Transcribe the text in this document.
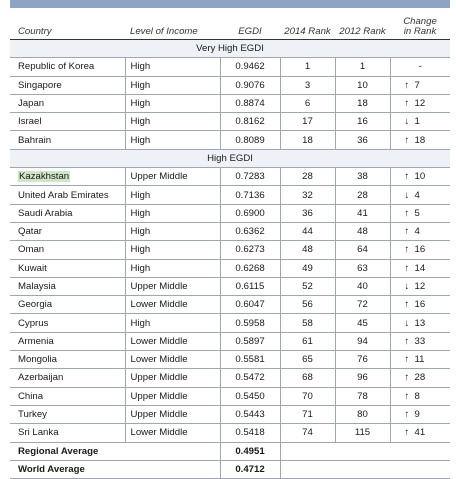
Country	Level of Income	EGDI	2014 Rank	2012 Rank	Change
in Rank
Very High EGDI					
Republic of Korea	High	0.9462	1	1	-
Singapore	High	0.9076	3	10	↑ 7
Japan	High	0.8874	6	18	↑ 12
Israel	High	0.8162	17	16	↓ 1
Bahrain	High	0.8089	18	36	↑ 18
High EGDI					
Kazakhstan	Upper Middle	0.7283	28	38	↑ 10
United Arab Emirates	High	0.7136	32	28	↓ 4
Saudi Arabia	High	0.6900	36	41	↑ 5
Qatar	High	0.6362	44	48	↑ 4
Oman	High	0.6273	48	64	↑ 16
Kuwait	High	0.6268	49	63	↑ 14
Malaysia	Upper Middle	0.6115	52	40	↓ 12
Georgia	Lower Middle	0.6047	56	72	↑ 16
Cyprus	High	0.5958	58	45	↓ 13
Armenia	Lower Middle	0.5897	61	94	↑ 33
Mongolia	Lower Middle	0.5581	65	76	↑ 11
Azerbaijan	Upper Middle	0.5472	68	96	↑ 28
China	Upper Middle	0.5450	70	78	↑ 8
Turkey	Upper Middle	0.5443	71	80	↑ 9
Sri Lanka	Lower Middle	0.5418	74	115	↑ 41
Regional Average		0.4951			
World Average		0.4712			
